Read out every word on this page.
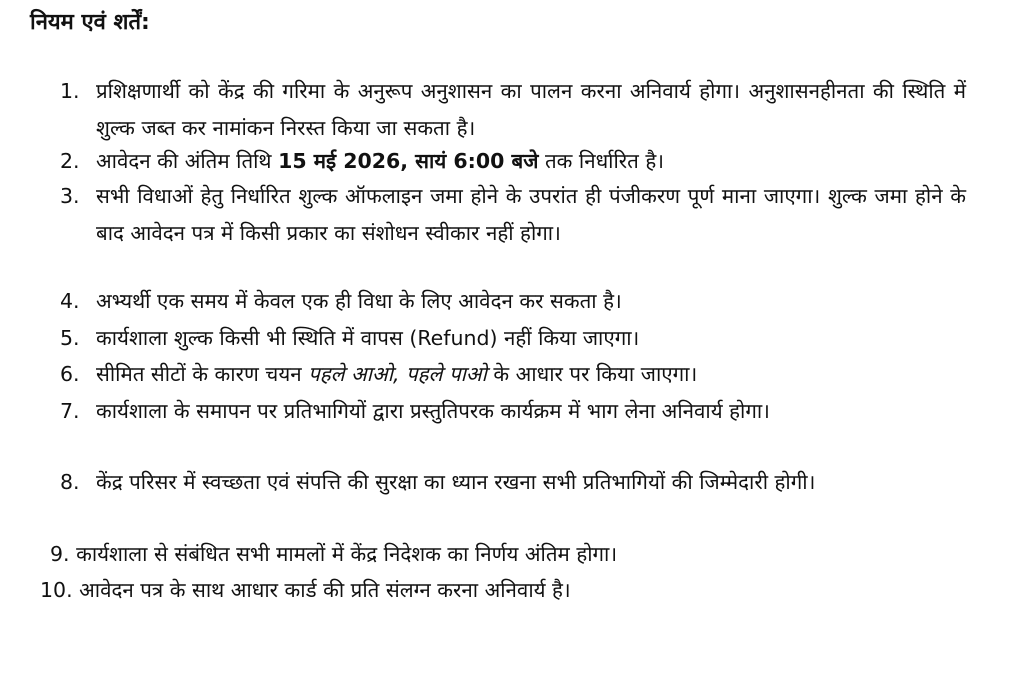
नियम एवं शर्तें:
1. प्रशिक्षणार्थी को केंद्र की गरिमा के अनुरूप अनुशासन का पालन करना अनिवार्य होगा। अनुशासनहीनता की स्थिति में शुल्क जब्त कर नामांकन निरस्त किया जा सकता है।
2. आवेदन की अंतिम तिथि 15 मई 2026, सायं 6:00 बजे तक निर्धारित है।
3. सभी विधाओं हेतु निर्धारित शुल्क ऑफलाइन जमा होने के उपरांत ही पंजीकरण पूर्ण माना जाएगा। शुल्क जमा होने के बाद आवेदन पत्र में किसी प्रकार का संशोधन स्वीकार नहीं होगा।
4. अभ्यर्थी एक समय में केवल एक ही विधा के लिए आवेदन कर सकता है।
5. कार्यशाला शुल्क किसी भी स्थिति में वापस (Refund) नहीं किया जाएगा।
6. सीमित सीटों के कारण चयन पहले आओ, पहले पाओ के आधार पर किया जाएगा।
7. कार्यशाला के समापन पर प्रतिभागियों द्वारा प्रस्तुतिपरक कार्यक्रम में भाग लेना अनिवार्य होगा।
8. केंद्र परिसर में स्वच्छता एवं संपत्ति की सुरक्षा का ध्यान रखना सभी प्रतिभागियों की जिम्मेदारी होगी।
9. कार्यशाला से संबंधित सभी मामलों में केंद्र निदेशक का निर्णय अंतिम होगा।
10. आवेदन पत्र के साथ आधार कार्ड की प्रति संलग्न करना अनिवार्य है।
